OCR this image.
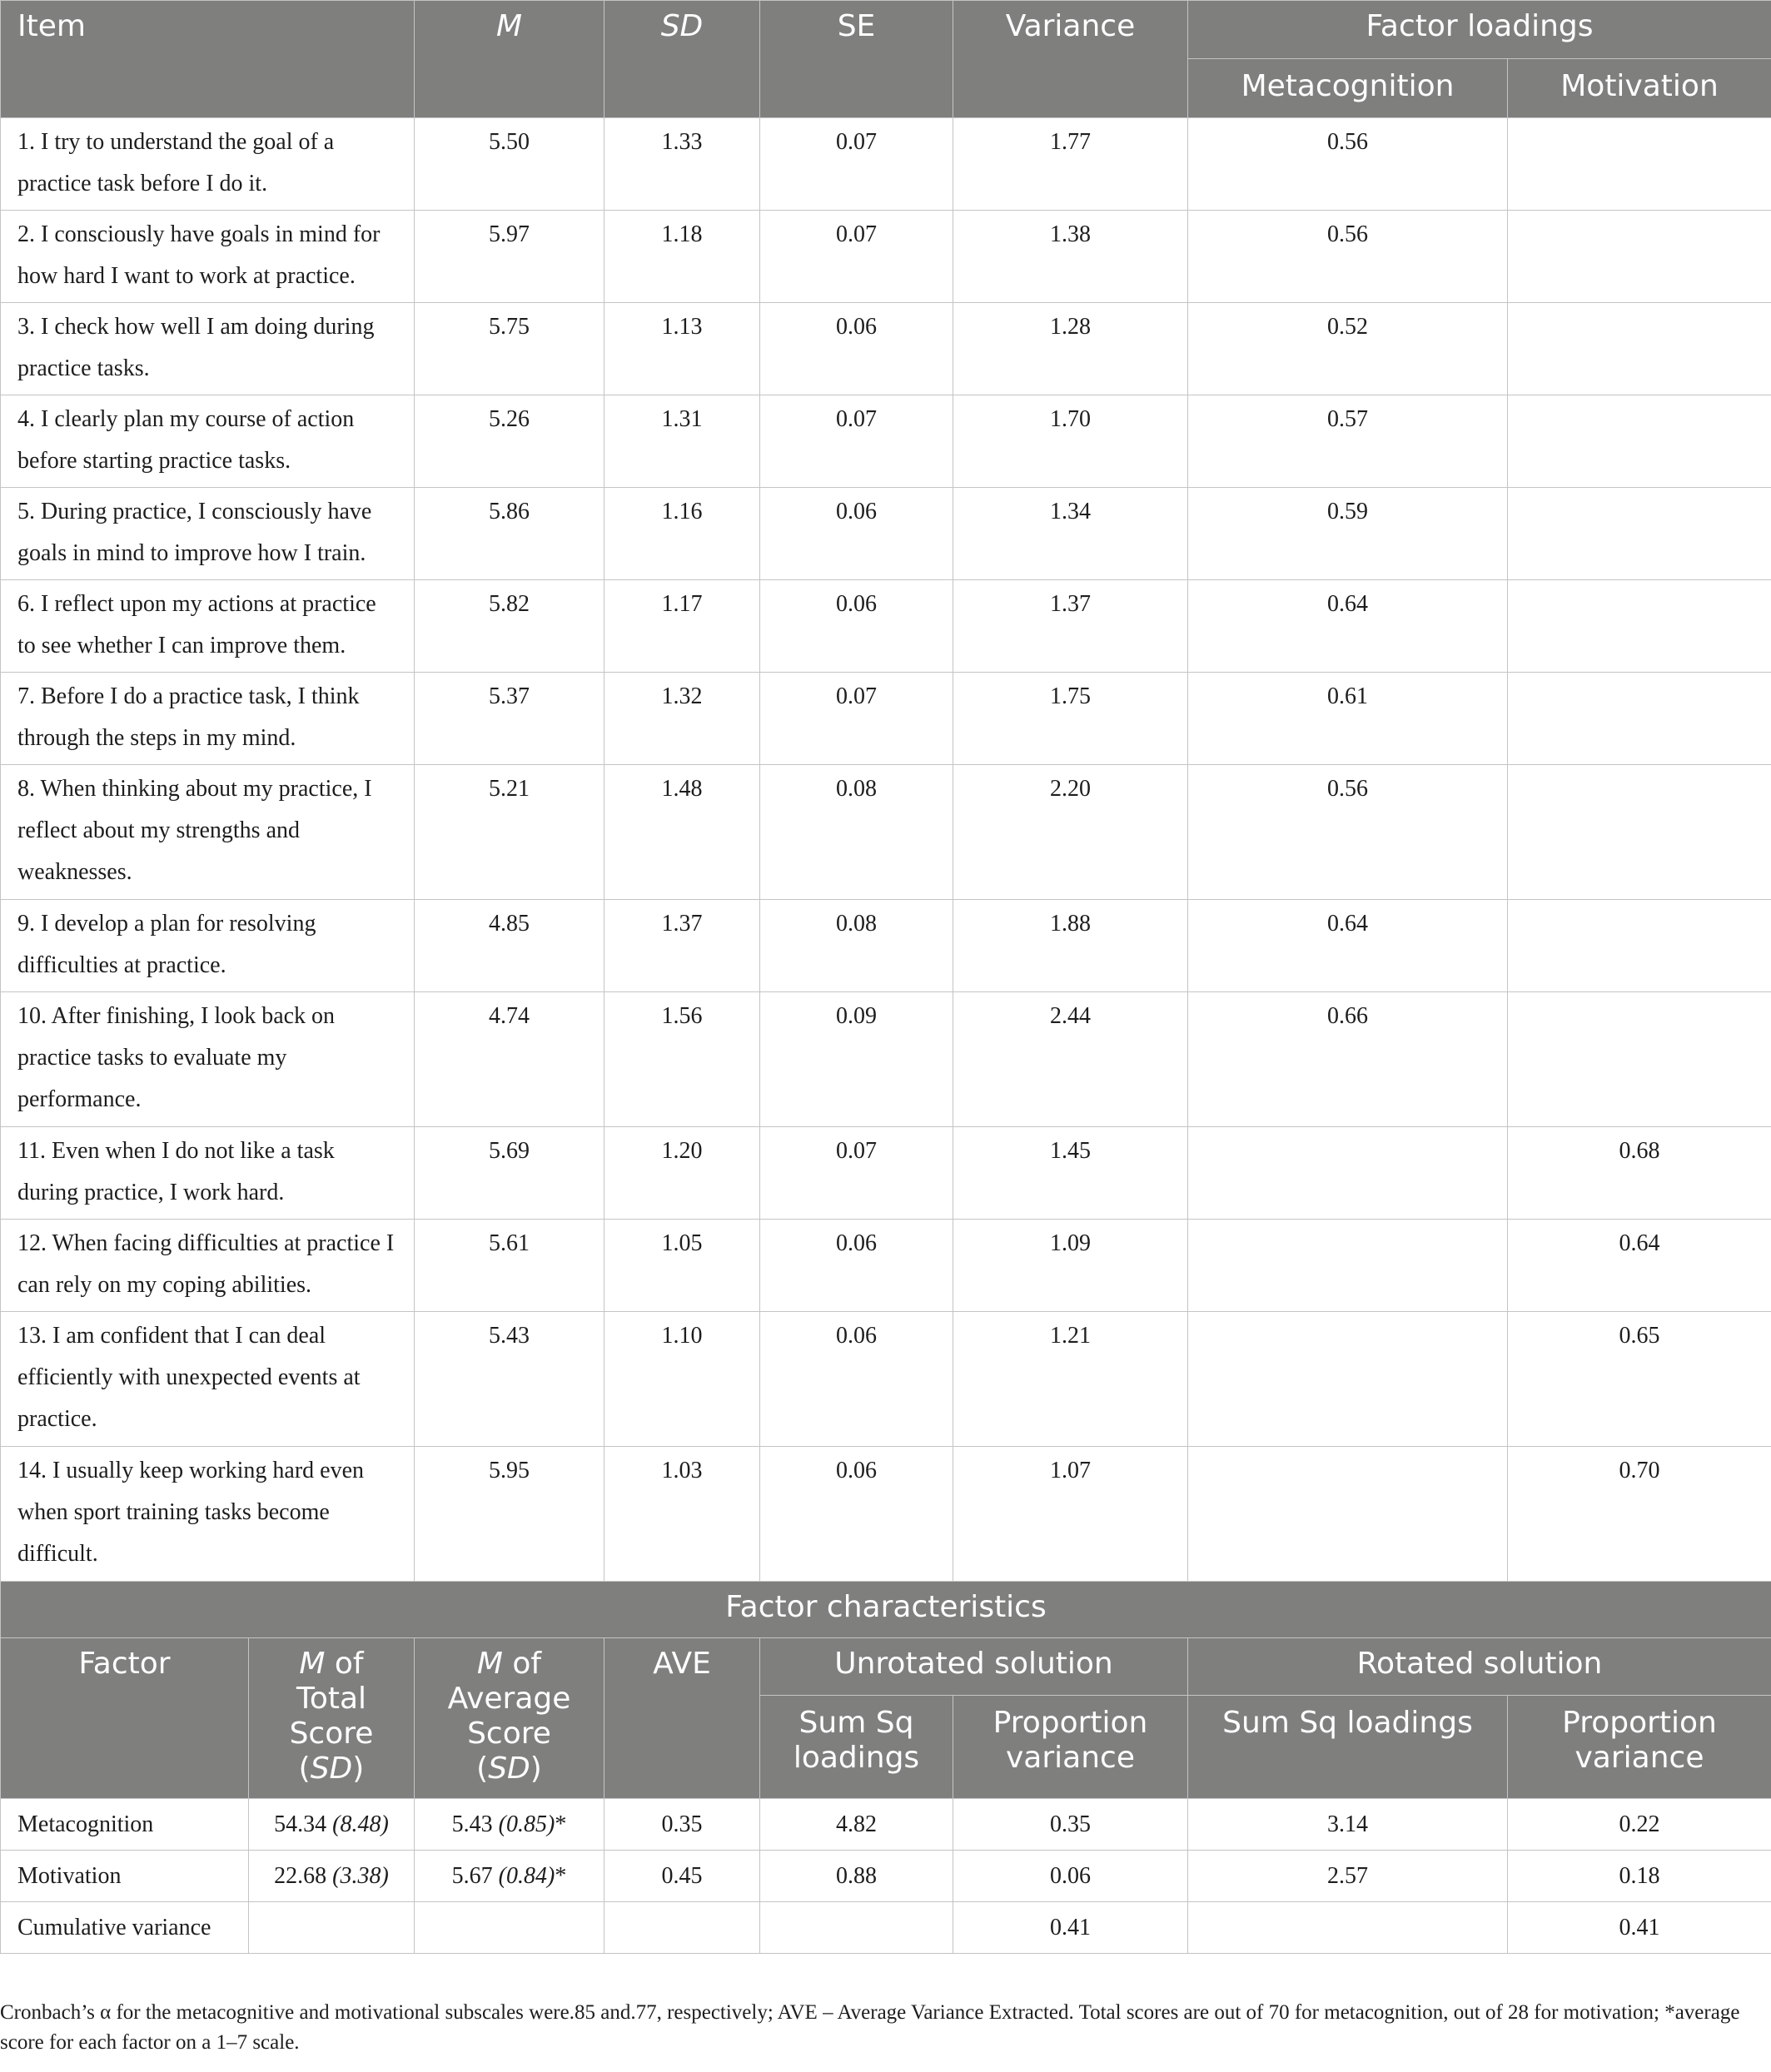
Item	M	SD	SE	Variance	Factor loadings	
					Metacognition	Motivation
1. I try to understand the goal of a practice task before I do it.	5.50	1.33	0.07	1.77	0.56	
2. I consciously have goals in mind for how hard I want to work at practice.	5.97	1.18	0.07	1.38	0.56	
3. I check how well I am doing during practice tasks.	5.75	1.13	0.06	1.28	0.52	
4. I clearly plan my course of action before starting practice tasks.	5.26	1.31	0.07	1.70	0.57	
5. During practice, I consciously have goals in mind to improve how I train.	5.86	1.16	0.06	1.34	0.59	
6. I reflect upon my actions at practice to see whether I can improve them.	5.82	1.17	0.06	1.37	0.64	
7. Before I do a practice task, I think through the steps in my mind.	5.37	1.32	0.07	1.75	0.61	
8. When thinking about my practice, I reflect about my strengths and weaknesses.	5.21	1.48	0.08	2.20	0.56	
9. I develop a plan for resolving difficulties at practice.	4.85	1.37	0.08	1.88	0.64	
10. After finishing, I look back on practice tasks to evaluate my performance.	4.74	1.56	0.09	2.44	0.66	
11. Even when I do not like a task during practice, I work hard.	5.69	1.20	0.07	1.45		0.68
12. When facing difficulties at practice I can rely on my coping abilities.	5.61	1.05	0.06	1.09		0.64
13. I am confident that I can deal efficiently with unexpected events at practice.	5.43	1.10	0.06	1.21		0.65
14. I usually keep working hard even when sport training tasks become difficult.	5.95	1.03	0.06	1.07		0.70
Factor characteristics						
Factor	M of Total Score (SD)	M of Average Score (SD)	AVE	Unrotated solution		Rotated solution	
				Sum Sq loadings	Proportion variance	Sum Sq loadings	Proportion variance
Metacognition	54.34 (8.48)	5.43 (0.85)*	0.35	4.82	0.35	3.14	0.22
Motivation	22.68 (3.38)	5.67 (0.84)*	0.45	0.88	0.06	2.57	0.18
Cumulative variance					0.41		0.41
Cronbach’s α for the metacognitive and motivational subscales were.85 and.77, respectively; AVE – Average Variance Extracted. Total scores are out of 70 for metacognition, out of 28 for motivation; *average score for each factor on a 1–7 scale.
